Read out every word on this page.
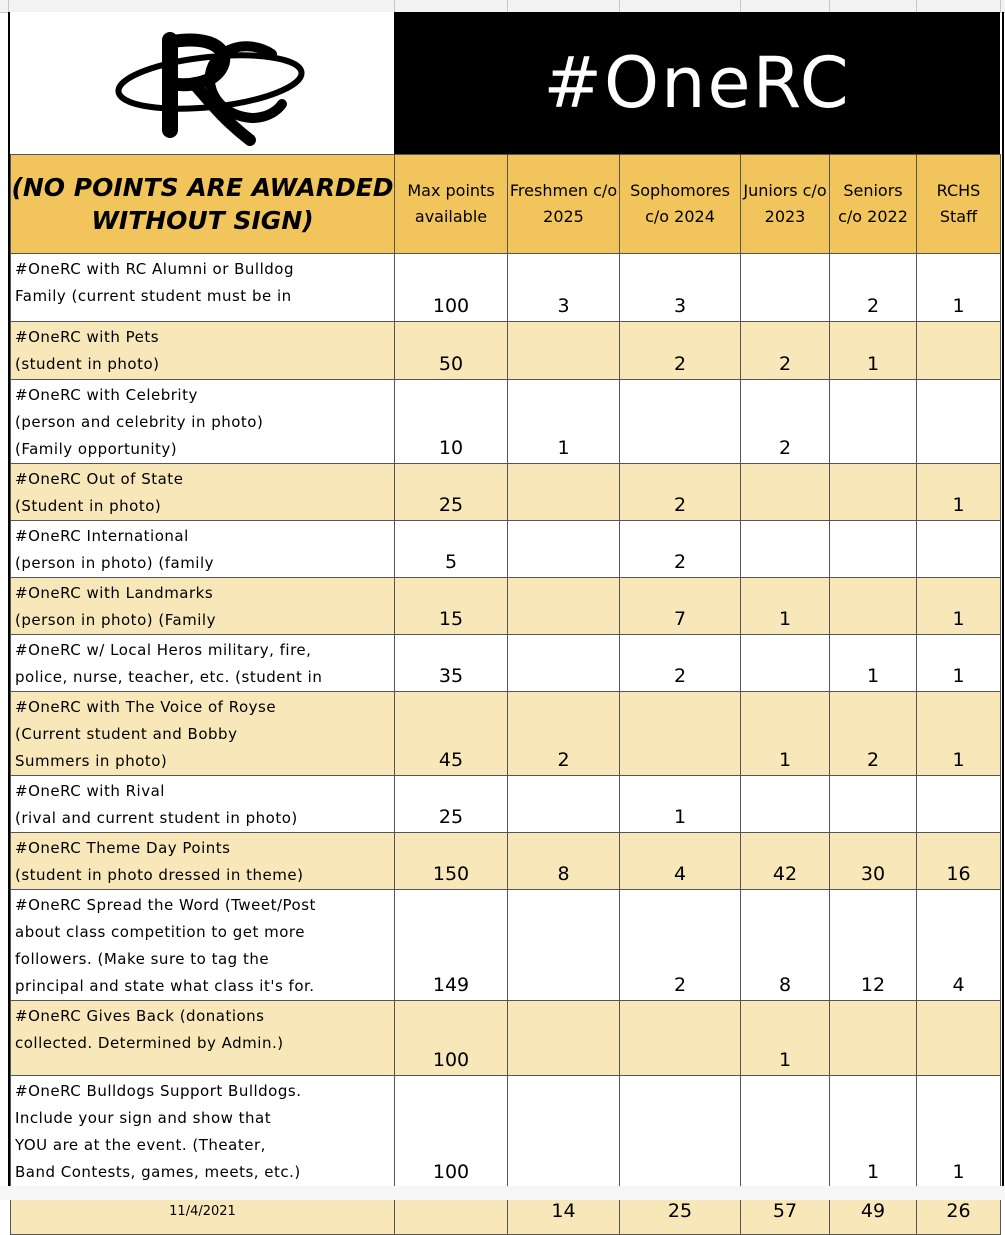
#OneRC
(NO POINTS ARE AWARDED WITHOUT SIGN)	Max points available	Freshmen c/o 2025	Sophomores c/o 2024	Juniors c/o 2023	Seniors c/o 2022	RCHS Staff

#OneRC with RC Alumni or Bulldog
Family (current student must be in	100	3	3		2	1

#OneRC with Pets
(student in photo)	50		2	2	1	

#OneRC with Celebrity
(person and celebrity in photo)
(Family opportunity)	10	1		2		

#OneRC Out of State
(Student in photo)	25		2			1

#OneRC International
(person in photo) (family	5		2			

#OneRC with Landmarks
(person in photo) (Family	15		7	1		1

#OneRC w/ Local Heros military, fire,
police, nurse, teacher, etc. (student in	35		2		1	1

#OneRC with The Voice of Royse
(Current student and Bobby
Summers in photo)	45	2		1	2	1

#OneRC with Rival
(rival and current student in photo)	25		1			

#OneRC Theme Day Points
(student in photo dressed in theme)	150	8	4	42	30	16

#OneRC Spread the Word (Tweet/Post
about class competition to get more
followers. (Make sure to tag the
principal and state what class it's for.	149		2	8	12	4

#OneRC Gives Back (donations
collected. Determined by Admin.)	100			1		

#OneRC Bulldogs Support Bulldogs.
Include your sign and show that
YOU are at the event. (Theater,
Band Contests, games, meets, etc.)	100				1	1
11/4/2021		14	25	57	49	26
